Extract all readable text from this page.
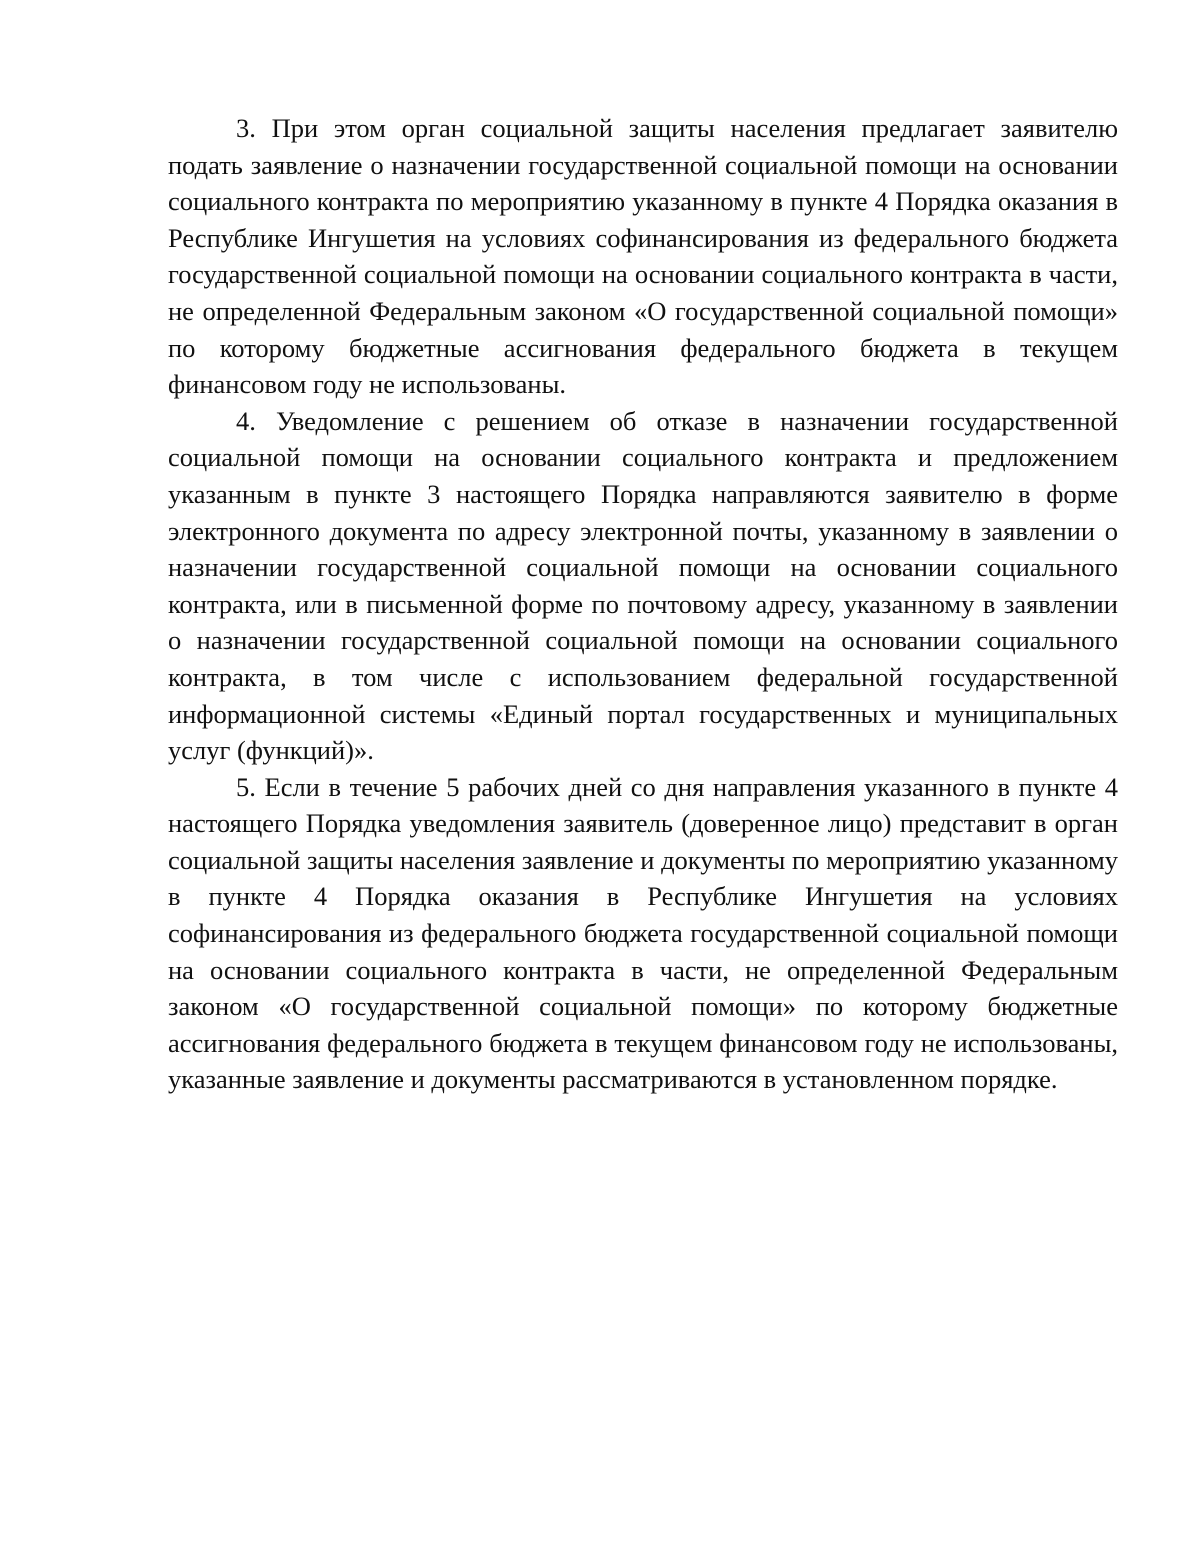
3. При этом орган социальной защиты населения предлагает заявителю подать заявление о назначении государственной социальной помощи на основании социального контракта по мероприятию указанному в пункте 4 Порядка оказания в Республике Ингушетия на условиях софинансирования из федерального бюджета государственной социальной помощи на основании социального контракта в части, не определенной Федеральным законом «О государственной социальной помощи» по которому бюджетные ассигнования федерального бюджета в текущем финансовом году не использованы.

4. Уведомление с решением об отказе в назначении государственной социальной помощи на основании социального контракта и предложением указанным в пункте 3 настоящего Порядка направляются заявителю в форме электронного документа по адресу электронной почты, указанному в заявлении о назначении государственной социальной помощи на основании социального контракта, или в письменной форме по почтовому адресу, указанному в заявлении о назначении государственной социальной помощи на основании социального контракта, в том числе с использованием федеральной государственной информационной системы «Единый портал государственных и муниципальных услуг (функций)».

5. Если в течение 5 рабочих дней со дня направления указанного в пункте 4 настоящего Порядка уведомления заявитель (доверенное лицо) представит в орган социальной защиты населения заявление и документы по мероприятию указанному в пункте 4 Порядка оказания в Республике Ингушетия на условиях софинансирования из федерального бюджета государственной социальной помощи на основании социального контракта в части, не определенной Федеральным законом «О государственной социальной помощи» по которому бюджетные ассигнования федерального бюджета в текущем финансовом году не использованы, указанные заявление и документы рассматриваются в установленном порядке.
